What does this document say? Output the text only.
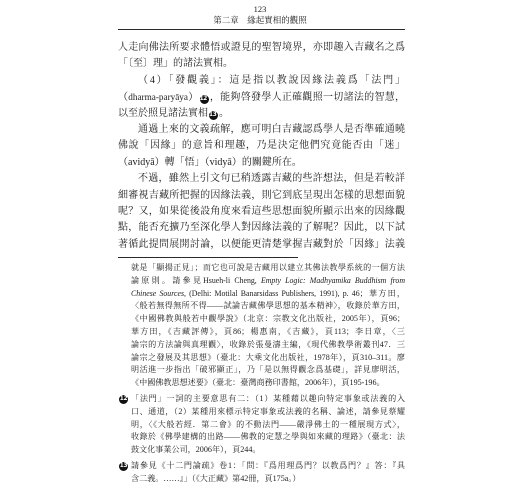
123
第二章　緣起實相的觀照
人走向佛法所要求體悟或證見的聖智境界，亦即趣入吉藏名之爲
「〔至〕理」的諸法實相。
（4）「發觀義」：這是指以教說因緣法義爲「法門」
（dharma-paryāya）12 ，能夠啓發學人正確觀照一切諸法的智慧，
以至於照見諸法實相13 。
通過上來的文義疏解，應可明白吉藏認爲學人是否準確通曉
佛說「因緣」的意旨和理趣，乃是決定他們究竟能否由「迷」
（avidyā）轉「悟」（vidyā）的關鍵所在。
不過，雖然上引文句已稍透露吉藏的些許想法，但是若較詳
細審視吉藏所把握的因緣法義，則它到底呈現出怎樣的思想面貌
呢？又，如果從後設角度來看這些思想面貌所顯示出來的因緣觀
點，能否充擴乃至深化學人對因緣法義的了解呢？因此，以下試
著循此提問展開討論，以便能更清楚掌握吉藏對於「因緣」法義
就是「顯揚正見」；而它也可說是吉藏用以建立其佛法教學系統的一個方法
論原則。請參見Hsueh-li Cheng, Empty Logic: Madhyamika Buddhism from
Chinese Sources, (Delhi: Motilal Banarsidass Publishers, 1991), p. 46；華方田，
〈般若無得無所不得——試論吉藏佛學思想的基本精神〉，收錄於華方田，
《中國佛教與般若中觀學說》（北京：宗教文化出版社，2005年），頁96；
華方田，《吉藏評傳》，頁86；楊惠南，《吉藏》，頁113；李日章，〈三
論宗的方法論與真理觀〉，收錄於張曼濤主編，《現代佛教學術叢刊47．三
論宗之發展及其思想》（臺北：大乘文化出版社，1978年），頁310–311。廖
明活進一步指出「破邪顯正」，乃「是以無得觀念爲基礎」，詳見廖明活，
《中國佛教思想述要》（臺北：臺灣商務印書館，2006年），頁195-196。
12 「法門」一詞的主要意思有二：（1）某種藉以趣向特定事象或法義的入
口、通道，（2）某種用來標示特定事象或法義的名稱、論述，請參見蔡耀
明，〈《大般若經．第二會》的不動法門——嚴淨佛土的一種展現方式〉，
收錄於《佛學建構的出路——佛教的定慧之學與如來藏的理路》（臺北：法
鼓文化事業公司，2006年），頁244。
13 請參見《十二門論疏》卷1：「問：『爲用理爲門？以教爲門？』答：『具
含二義。……』」（《大正藏》第42冊，頁175a。）
